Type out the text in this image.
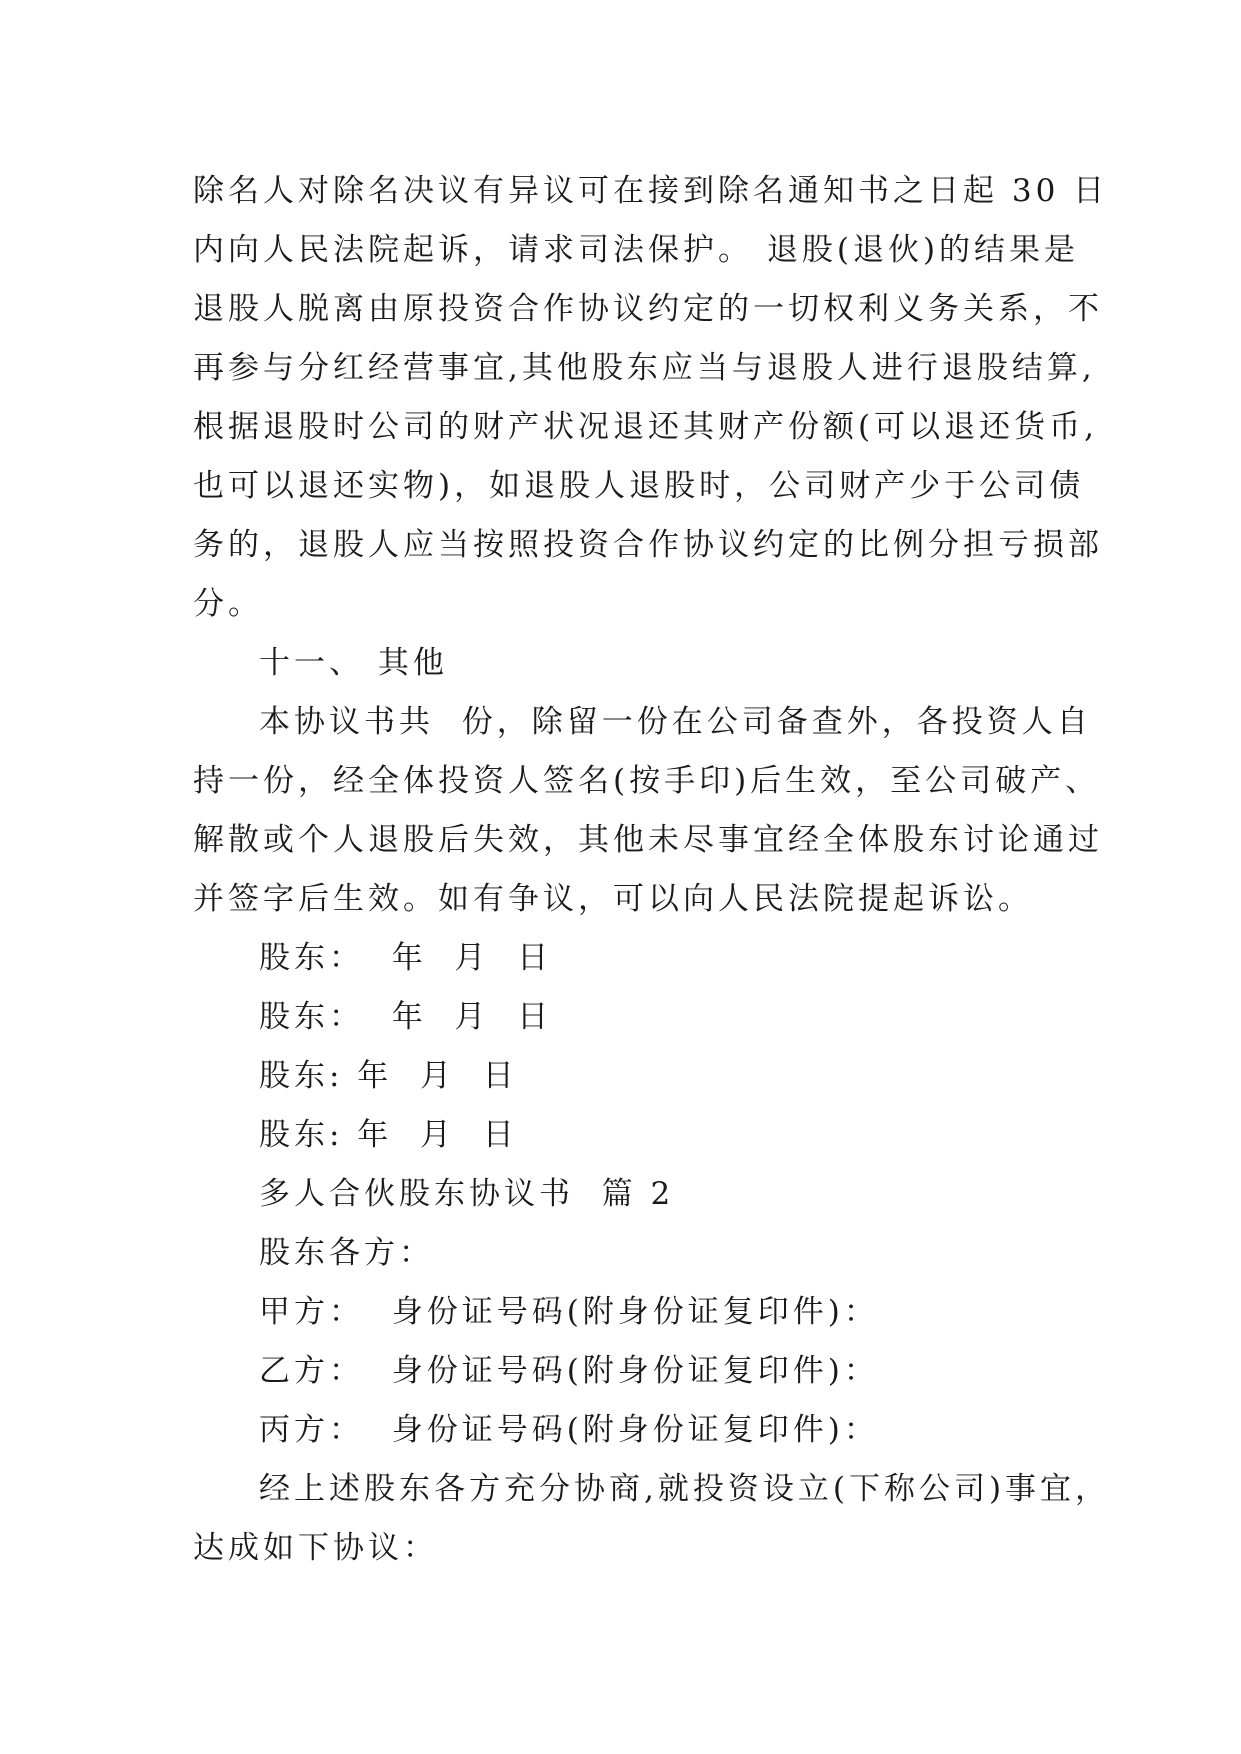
除名人对除名决议有异议可在接到除名通知书之日起 30 日
内向人民法院起诉，请求司法保护。 退股(退伙)的结果是
退股人脱离由原投资合作协议约定的一切权利义务关系，不
再参与分红经营事宜,其他股东应当与退股人进行退股结算,
根据退股时公司的财产状况退还其财产份额(可以退还货币,
也可以退还实物)，如退股人退股时，公司财产少于公司债
务的，退股人应当按照投资合作协议约定的比例分担亏损部
分。
十一、 其他
本协议书共  份，除留一份在公司备查外，各投资人自
持一份，经全体投资人签名(按手印)后生效，至公司破产、
解散或个人退股后失效，其他未尽事宜经全体股东讨论通过
并签字后生效。如有争议，可以向人民法院提起诉讼。
股东：  年  月  日
股东：  年  月  日
股东: 年  月  日
股东: 年  月  日
多人合伙股东协议书  篇 2
股东各方：
甲方：  身份证号码(附身份证复印件)：
乙方：  身份证号码(附身份证复印件)：
丙方：  身份证号码(附身份证复印件)：
经上述股东各方充分协商,就投资设立(下称公司)事宜，
达成如下协议：
